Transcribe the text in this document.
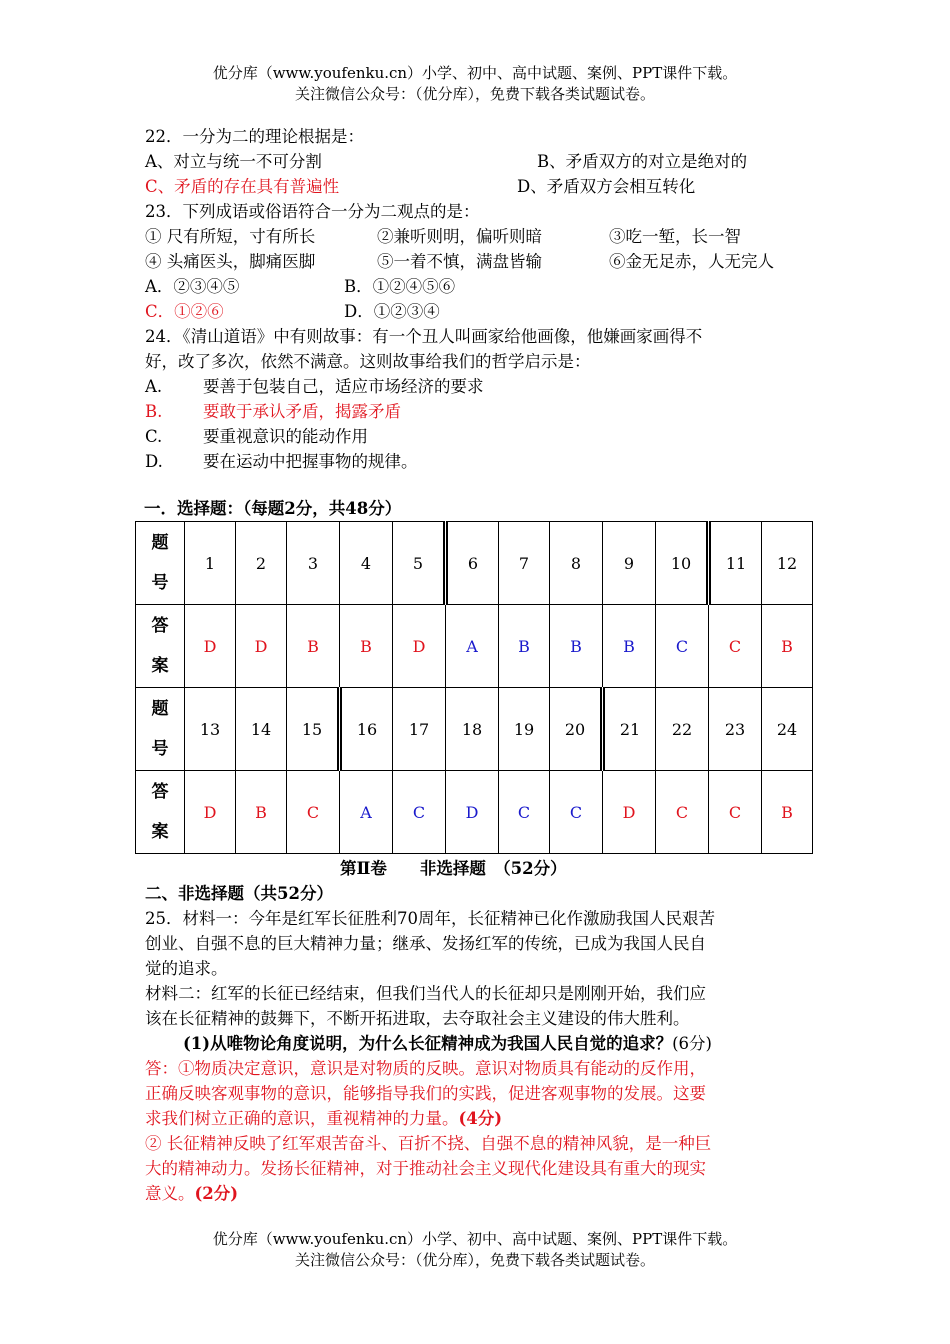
优分库（www.youfenku.cn）小学、初中、高中试题、案例、PPT课件下载。
关注微信公众号：（优分库），免费下载各类试题试卷。
22．一分为二的理论根据是：
A、对立与统一不可分割	B、矛盾双方的对立是绝对的
C、矛盾的存在具有普遍性	D、矛盾双方会相互转化
23．下列成语或俗语符合一分为二观点的是：
① 尺有所短，寸有所长	②兼听则明，偏听则暗	③吃一堑，长一智
④ 头痛医头，脚痛医脚	⑤一着不慎，满盘皆输	⑥金无足赤，人无完人
A．②③④⑤	B．①②④⑤⑥
C．①②⑥	D．①②③④
24．《清山道语》中有则故事：有一个丑人叫画家给他画像，他嫌画家画得不
好，改了多次，依然不满意。这则故事给我们的哲学启示是：
A. 要善于包装自己，适应市场经济的要求
B. 要敢于承认矛盾，揭露矛盾
C. 要重视意识的能动作用
D. 要在运动中把握事物的规律。
一．选择题：（每题2分，共48分）
题
号	1	2	3	4	5	6	7	8	9	10	11	12
答
案	D	D	B	B	D	A	B	B	B	C	C	B
题
号	13	14	15	16	17	18	19	20	21	22	23	24
答
案	D	B	C	A	C	D	C	C	D	C	C	B
第Ⅱ卷　　非选择题　（52分）
二、非选择题（共52分）
25．材料一：今年是红军长征胜利70周年，长征精神已化作激励我国人民艰苦
创业、自强不息的巨大精神力量；继承、发扬红军的传统，已成为我国人民自
觉的追求。
材料二：红军的长征已经结束，但我们当代人的长征却只是刚刚开始，我们应
该在长征精神的鼓舞下，不断开拓进取，去夺取社会主义建设的伟大胜利。
(1)从唯物论角度说明，为什么长征精神成为我国人民自觉的追求？(6分)
答：①物质决定意识，意识是对物质的反映。意识对物质具有能动的反作用，
正确反映客观事物的意识，能够指导我们的实践，促进客观事物的发展。这要
求我们树立正确的意识，重视精神的力量。(4分)
② 长征精神反映了红军艰苦奋斗、百折不挠、自强不息的精神风貌，是一种巨
大的精神动力。发扬长征精神，对于推动社会主义现代化建设具有重大的现实
意义。(2分)
优分库（www.youfenku.cn）小学、初中、高中试题、案例、PPT课件下载。
关注微信公众号：（优分库），免费下载各类试题试卷。
